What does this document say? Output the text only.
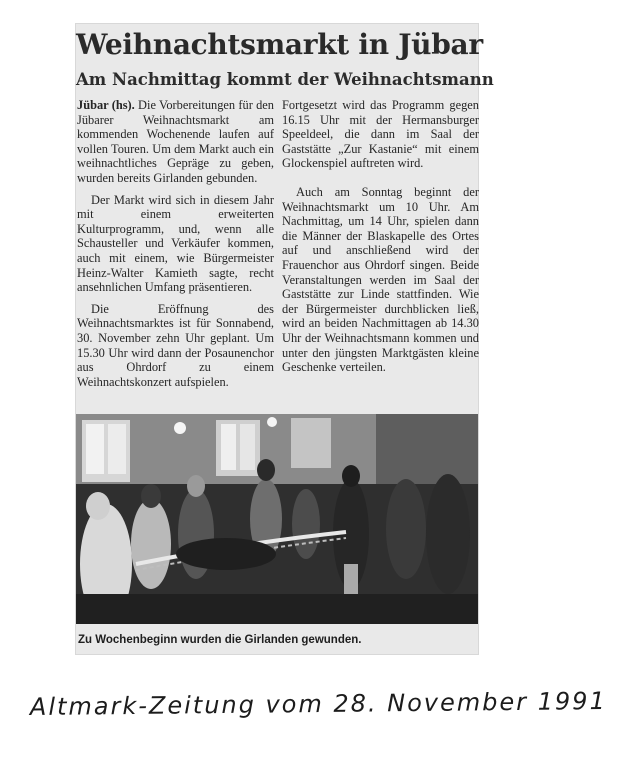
Weihnachtsmarkt in Jübar
Am Nachmittag kommt der Weihnachtsmann

Jübar (hs). Die Vorbereitungen für den Jübarer Weihnachtsmarkt am kommenden Wochenende laufen auf vollen Touren. Um dem Markt auch ein weihnachtliches Gepräge zu geben, wurden bereits Girlanden gebunden.

Der Markt wird sich in diesem Jahr mit einem erweiterten Kulturprogramm, und, wenn alle Schausteller und Verkäufer kommen, auch mit einem, wie Bürgermeister Heinz-Walter Kamieth sagte, recht ansehnlichen Umfang präsentieren.

Die Eröffnung des Weihnachtsmarktes ist für Sonnabend, 30. November zehn Uhr geplant. Um 15.30 Uhr wird dann der Posaunenchor aus Ohrdorf zu einem Weihnachtskonzert aufspielen.

Fortgesetzt wird das Programm gegen 16.15 Uhr mit der Hermansburger Speeldeel, die dann im Saal der Gaststätte „Zur Kastanie“ mit einem Glockenspiel auftreten wird.

Auch am Sonntag beginnt der Weihnachtsmarkt um 10 Uhr. Am Nachmittag, um 14 Uhr, spielen dann die Männer der Blaskapelle des Ortes auf und anschließend wird der Frauenchor aus Ohrdorf singen. Beide Veranstaltungen werden im Saal der Gaststätte zur Linde stattfinden. Wie der Bürgermeister durchblicken ließ, wird an beiden Nachmittagen ab 14.30 Uhr der Weihnachtsmann kommen und unter den jüngsten Marktgästen kleine Geschenke verteilen.

Zu Wochenbeginn wurden die Girlanden gewunden.
Altmark-Zeitung vom 28. November 1991
